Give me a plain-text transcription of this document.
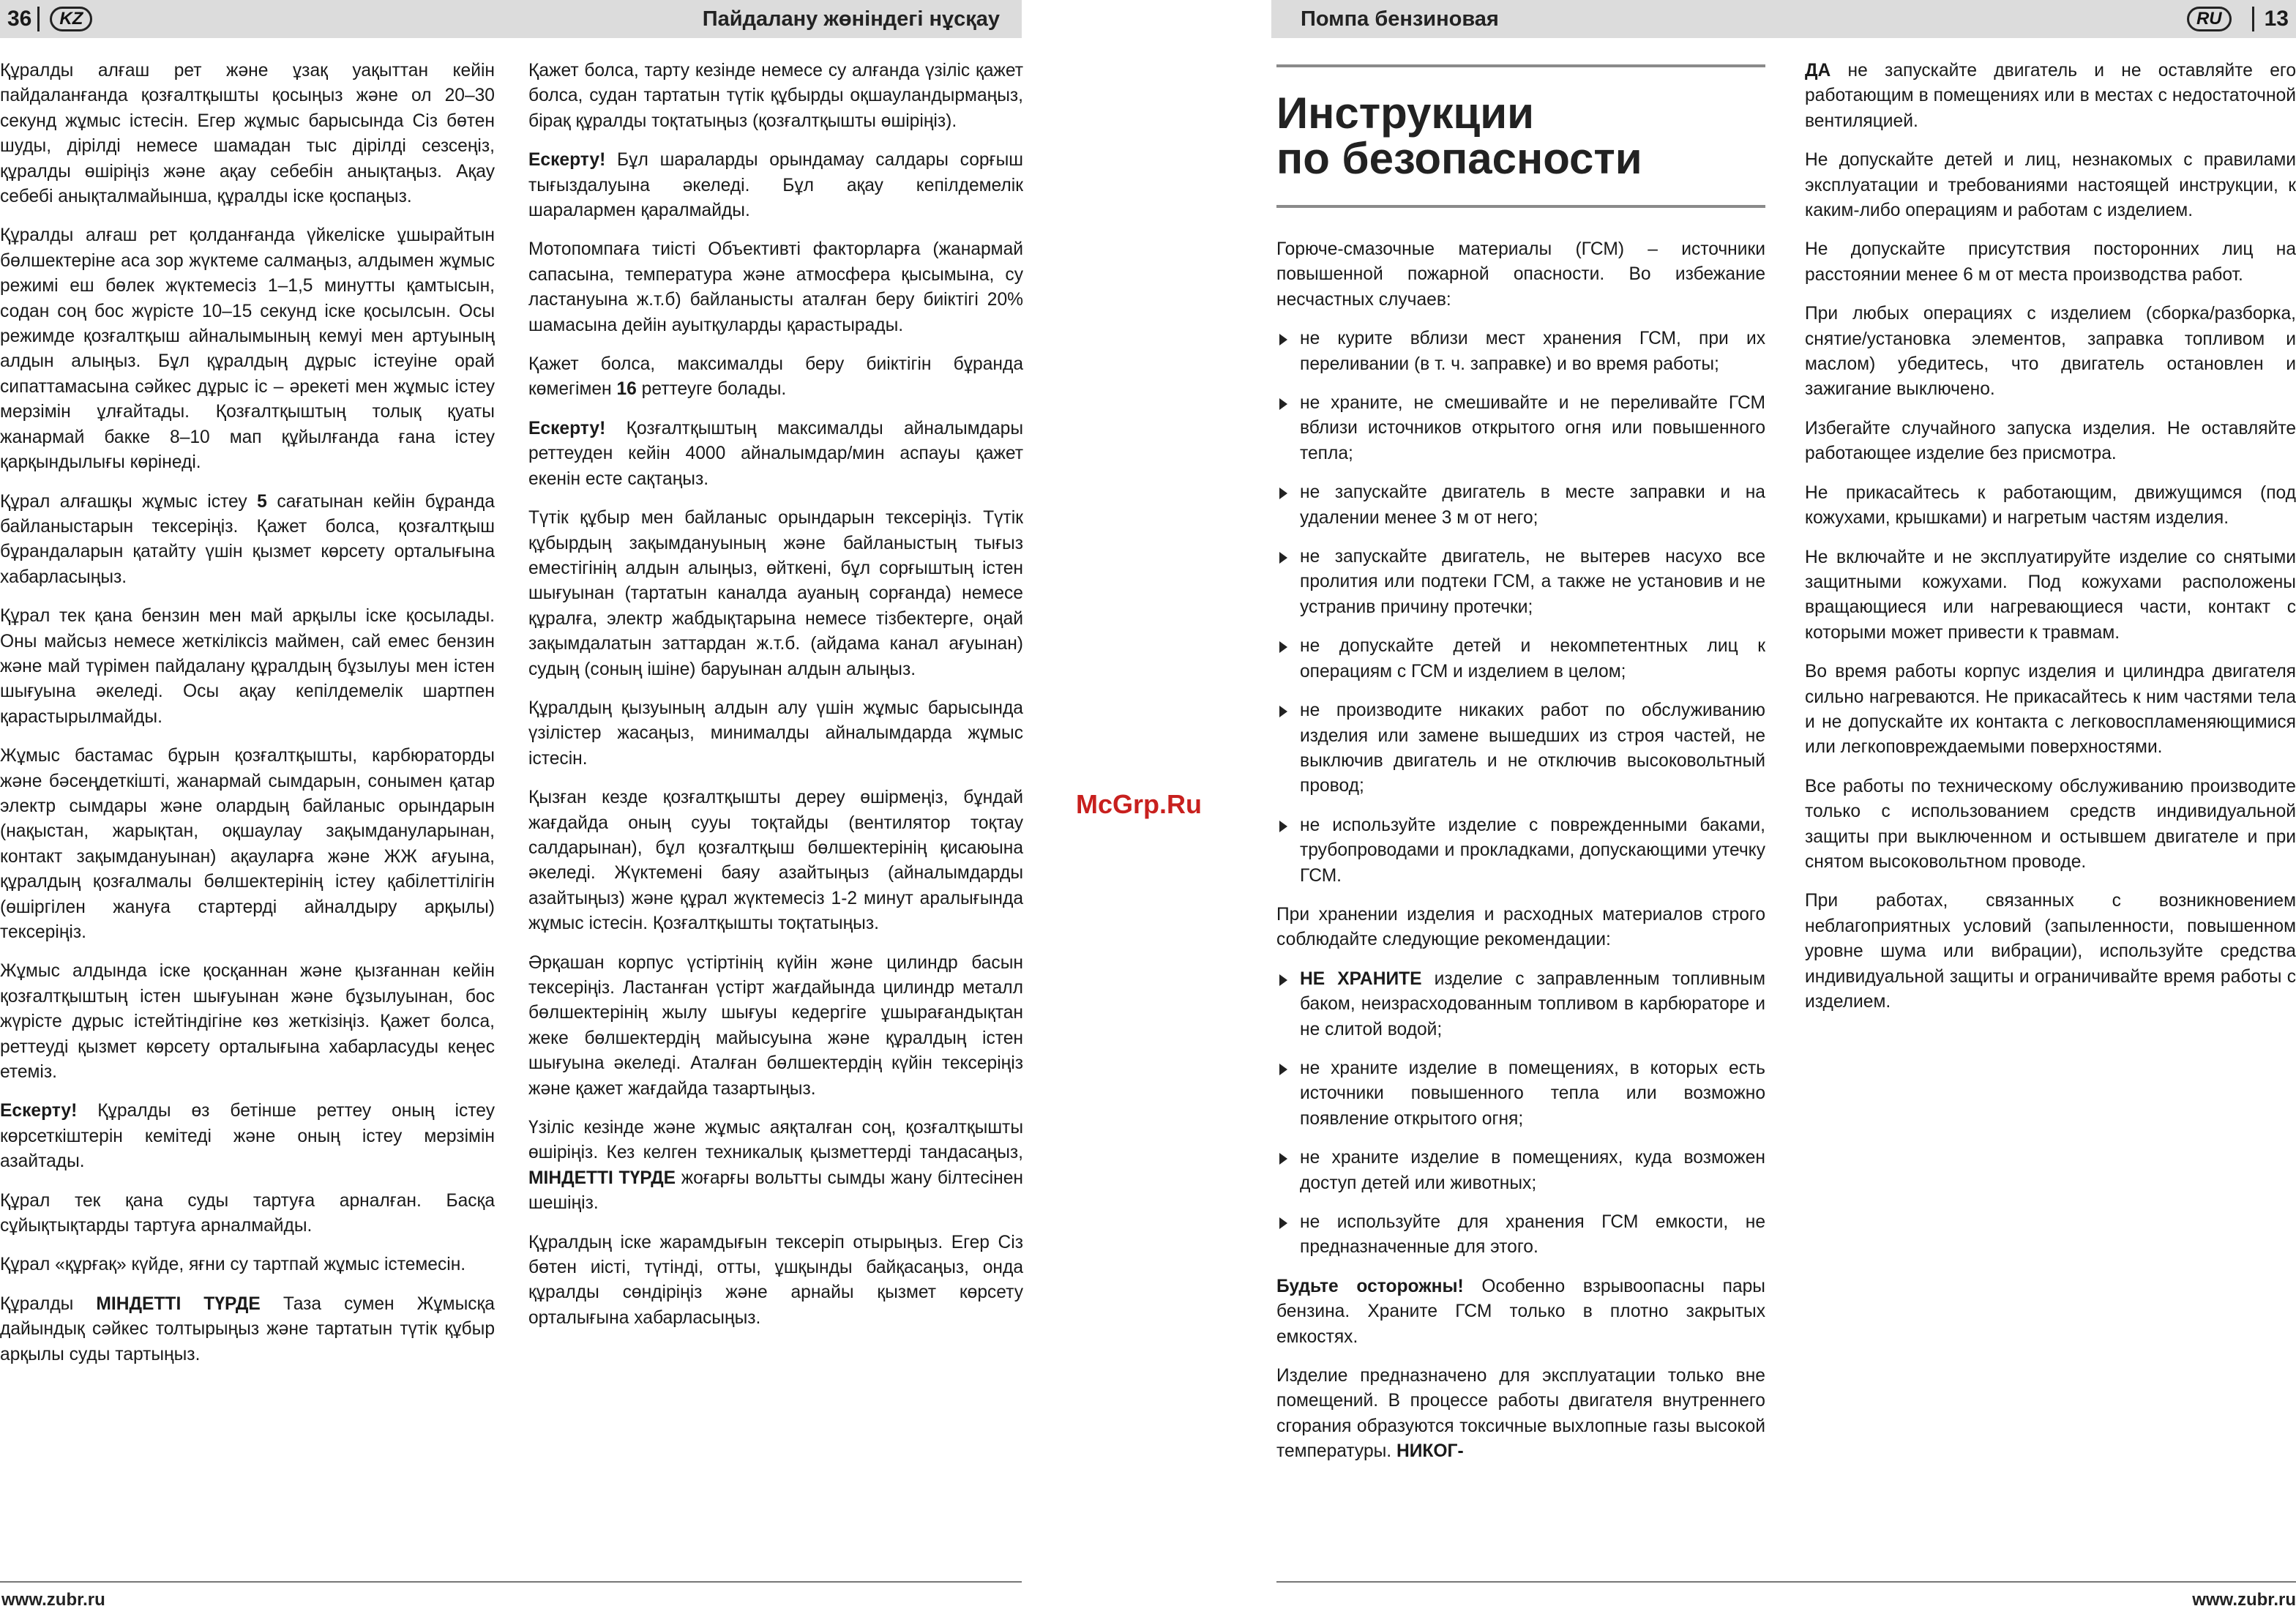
36	KZ	Пайдалану жөніндегі нұсқау

Құралды алғаш рет және ұзақ уақыттан кейін пайдаланғанда қозғалтқышты қосыңыз және ол 20–30 секунд жұмыс істесін. Егер жұмыс барысында Сіз бөтен шуды, дірілді немесе шамадан тыс дірілді сезсеңіз, құралды өшіріңіз және ақау себебін анықтаңыз. Ақау себебі анықталмайынша, құралды іске қоспаңыз.

Құралды алғаш рет қолданғанда үйкеліске ұшырайтын бөлшектеріне аса зор жүктеме салмаңыз, алдымен жұмыс режимі еш бөлек жүктемесіз 1–1,5 минутты қамтысын, содан соң бос жүрісте 10–15 секунд іске қосылсын. Осы режимде қозғалтқыш айналымының кемуі мен артуының алдын алыңыз. Бұл құралдың дұрыс істеуіне орай сипаттамасына сәйкес дұрыс іс – әрекеті мен жұмыс істеу мерзімін ұлғайтады. Қозғалтқыштың толық қуаты жанармай бакке 8–10 мап құйылғанда ғана істеу қарқындылығы көрінеді.

Құрал алғашқы жұмыс істеу 5 сағатынан кейін бұранда байланыстарын тексеріңіз. Қажет болса, қозғалтқыш бұрандаларын қатайту үшін қызмет көрсету орталығына хабарласыңыз.

Құрал тек қана бензин мен май арқылы іске қосылады. Оны майсыз немесе жеткіліксіз маймен, сай емес бензин және май түрімен пайдалану құралдың бұзылуы мен істен шығуына әкеледі. Осы ақау кепілдемелік шартпен қарастырылмайды.

Жұмыс бастамас бұрын қозғалтқышты, карбюраторды және бәсеңдеткішті, жанармай сымдарын, сонымен қатар электр сымдары және олардың байланыс орындарын (нақыстан, жарықтан, оқшаулау зақымдануларынан, контакт зақымдануынан) ақауларға және ЖЖ ағуына, құралдың қозғалмалы бөлшектерінің істеу қабілеттілігін (өшіргілен жануға стартерді айналдыру арқылы) тексеріңіз.

Жұмыс алдында іске қосқаннан және қызғаннан кейін қозғалтқыштың істен шығуынан және бұзылуынан, бос жүрісте дұрыс істейтіндігіне көз жеткізіңіз. Қажет болса, реттеуді қызмет көрсету орталығына хабарласуды кеңес етеміз.

Ескерту! Құралды өз бетінше реттеу оның істеу көрсеткіштерін кемітеді және оның істеу мерзімін азайтады.

Құрал тек қана суды тартуға арналған. Басқа сұйықтықтарды тартуға арналмайды.

Құрал «құрғақ» күйде, яғни су тартпай жұмыс істемесін.

Құралды МІНДЕТТІ ТҮРДЕ Таза сумен Жұмысқа дайындық сәйкес толтырыңыз және тартатын түтік құбыр арқылы суды тартыңыз.

Қажет болса, тарту кезінде немесе су алғанда үзіліс қажет болса, судан тартатын түтік құбырды оқшауландырмаңыз, бірақ құралды тоқтатыңыз (қозғалтқышты өшіріңіз).

Ескерту! Бұл шараларды орындамау салдары сорғыш тығыздалуына әкеледі. Бұл ақау кепілдемелік шаралармен қаралмайды.

Мотопомпаға тиісті Объективті факторларға (жанармай сапасына, температура және атмосфера қысымына, су ластануына ж.т.б) байланысты аталған беру биіктігі 20% шамасына дейін ауытқуларды қарастырады.

Қажет болса, максималды беру биіктігін бұранда көмегімен 16 реттеуге болады.

Ескерту! Қозғалтқыштың максималды айналымдары реттеуден кейін 4000 айналымдар/мин аспауы қажет екенін есте сақтаңыз.

Түтік құбыр мен байланыс орындарын тексеріңіз. Түтік құбырдың зақымдануының және байланыстың тығыз еместігінің алдын алыңыз, өйткені, бұл сорғыштың істен шығуынан (тартатын каналда ауаның сорғанда) немесе құралға, электр жабдықтарына немесе тізбектерге, оңай зақымдалатын заттардан ж.т.б. (айдама канал ағуынан) судың (соның ішіне) баруынан алдын алыңыз.

Құралдың қызуының алдын алу үшін жұмыс барысында үзілістер жасаңыз, минималды айналымдарда жұмыс істесін.

Қызған кезде қозғалтқышты дереу өшірмеңіз, бұндай жағдайда оның сууы тоқтайды (вентилятор тоқтау салдарынан), бұл қозғалтқыш бөлшектерінің қисаюына әкеледі. Жүктемені баяу азайтыңыз (айналымдарды азайтыңыз) және құрал жүктемесіз 1-2 минут аралығында жұмыс істесін. Қозғалтқышты тоқтатыңыз.

Әрқашан корпус үстіртінің күйін және цилиндр басын тексеріңіз. Ластанған үстірт жағдайында цилиндр металл бөлшектерінің жылу шығуы кедергіге ұшырағандықтан жеке бөлшектердің майысуына және құралдың істен шығуына әкеледі. Аталған бөлшектердің күйін тексеріңіз және қажет жағдайда тазартыңыз.

Үзіліс кезінде және жұмыс аяқталған соң, қозғалтқышты өшіріңіз. Кез келген техникалық қызметтерді тандасаңыз, МІНДЕТТІ ТҮРДЕ жоғарғы вольтты сымды жану білтесінен шешіңіз.

Құралдың іске жарамдығын тексеріп отырыңыз. Егер Сіз бөтен иісті, түтінді, отты, ұшқынды байқасаңыз, онда құралды сөндіріңіз және арнайы қызмет көрсету орталығына хабарласыңыз.

www.zubr.ru
McGrp.Ru
Помпа бензиновая	RU	13
Инструкции
по безопасности

Горюче-смазочные материалы (ГСМ) – источники повышенной пожарной опасности. Во избежание несчастных случаев:

не курите вблизи мест хранения ГСМ, при их переливании (в т. ч. заправке) и во время работы;
не храните, не смешивайте и не переливайте ГСМ вблизи источников открытого огня или повышенного тепла;
не запускайте двигатель в месте заправки и на удалении менее 3 м от него;
не запускайте двигатель, не вытерев насухо все пролития или подтеки ГСМ, а также не установив и не устранив причину протечки;
не допускайте детей и некомпетентных лиц к операциям с ГСМ и изделием в целом;
не производите никаких работ по обслуживанию изделия или замене вышедших из строя частей, не выключив двигатель и не отключив высоковольтный провод;
не используйте изделие с поврежденными баками, трубопроводами и прокладками, допускающими утечку ГСМ.

При хранении изделия и расходных материалов строго соблюдайте следующие рекомендации:

НЕ ХРАНИТЕ изделие с заправленным топливным баком, неизрасходованным топливом в карбюраторе и не слитой водой;
не храните изделие в помещениях, в которых есть источники повышенного тепла или возможно появление открытого огня;
не храните изделие в помещениях, куда возможен доступ детей или животных;
не используйте для хранения ГСМ емкости, не предназначенные для этого.

Будьте осторожны! Особенно взрывоопасны пары бензина. Храните ГСМ только в плотно закрытых емкостях.

Изделие предназначено для эксплуатации только вне помещений. В процессе работы двигателя внутреннего сгорания образуются токсичные выхлопные газы высокой температуры. НИКОГ-

ДА не запускайте двигатель и не оставляйте его работающим в помещениях или в местах с недостаточной вентиляцией.

Не допускайте детей и лиц, незнакомых с правилами эксплуатации и требованиями настоящей инструкции, к каким-либо операциям и работам с изделием.

Не допускайте присутствия посторонних лиц на расстоянии менее 6 м от места производства работ.

При любых операциях с изделием (сборка/разборка, снятие/установка элементов, заправка топливом и маслом) убедитесь, что двигатель остановлен и зажигание выключено.

Избегайте случайного запуска изделия. Не оставляйте работающее изделие без присмотра.

Не прикасайтесь к работающим, движущимся (под кожухами, крышками) и нагретым частям изделия.

Не включайте и не эксплуатируйте изделие со снятыми защитными кожухами. Под кожухами расположены вращающиеся или нагревающиеся части, контакт с которыми может привести к травмам.

Во время работы корпус изделия и цилиндра двигателя сильно нагреваются. Не прикасайтесь к ним частями тела и не допускайте их контакта с легковоспламеняющимися или легкоповреждаемыми поверхностями.

Все работы по техническому обслуживанию производите только с использованием средств индивидуальной защиты при выключенном и остывшем двигателе и при снятом высоковольтном проводе.

При работах, связанных с возникновением неблагоприятных условий (запыленности, повышенном уровне шума или вибрации), используйте средства индивидуальной защиты и ограничивайте время работы с изделием.

www.zubr.ru
